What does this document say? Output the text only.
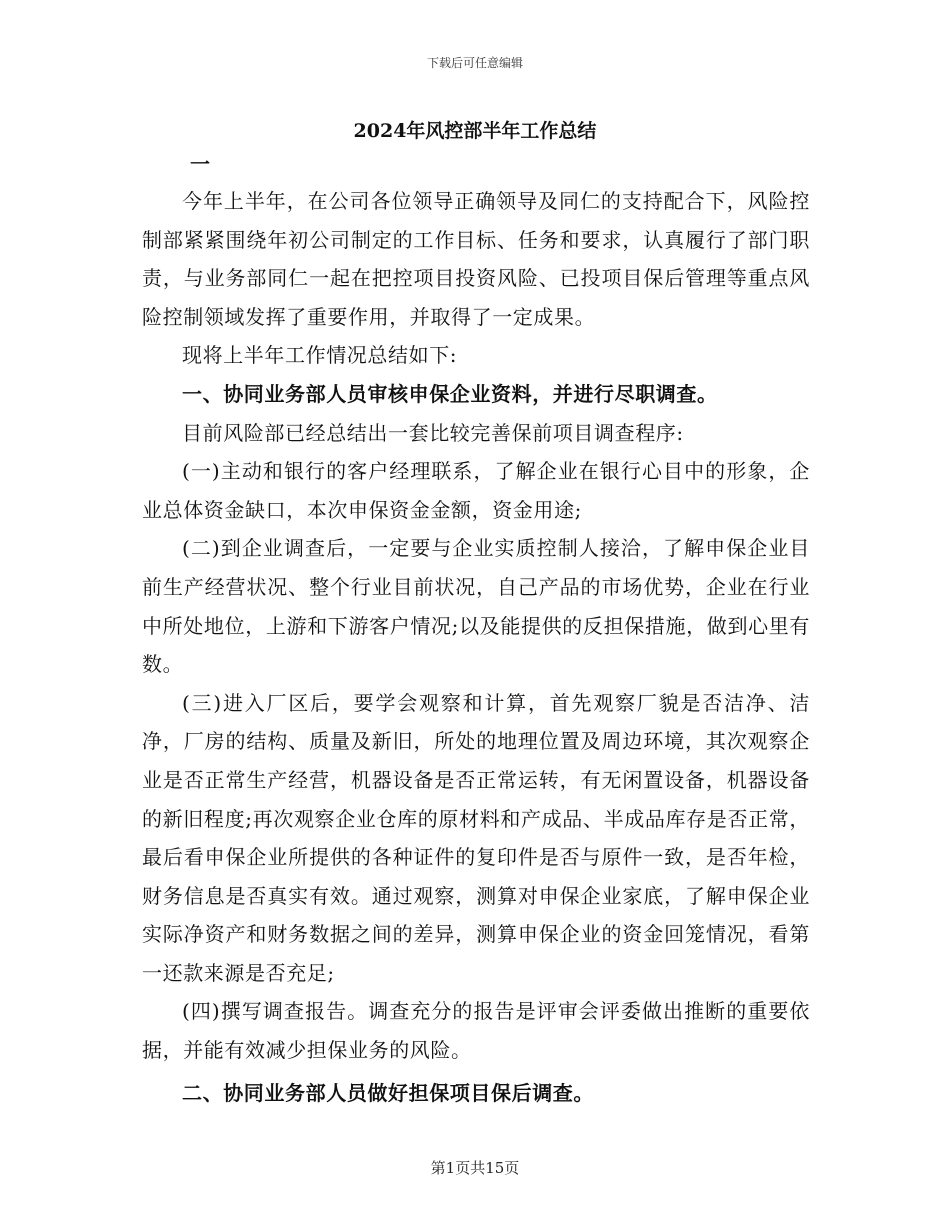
下载后可任意编辑
2024年风控部半年工作总结
一

今年上半年，在公司各位领导正确领导及同仁的支持配合下，风险控制部紧紧围绕年初公司制定的工作目标、任务和要求，认真履行了部门职责，与业务部同仁一起在把控项目投资风险、已投项目保后管理等重点风险控制领域发挥了重要作用，并取得了一定成果。

现将上半年工作情况总结如下:

一、协同业务部人员审核申保企业资料，并进行尽职调查。

目前风险部已经总结出一套比较完善保前项目调查程序:

(一)主动和银行的客户经理联系，了解企业在银行心目中的形象，企业总体资金缺口，本次申保资金金额，资金用途;

(二)到企业调查后，一定要与企业实质控制人接洽，了解申保企业目前生产经营状况、整个行业目前状况，自己产品的市场优势，企业在行业中所处地位，上游和下游客户情况;以及能提供的反担保措施，做到心里有数。

(三)进入厂区后，要学会观察和计算，首先观察厂貌是否洁净、洁净，厂房的结构、质量及新旧，所处的地理位置及周边环境，其次观察企业是否正常生产经营，机器设备是否正常运转，有无闲置设备，机器设备的新旧程度;再次观察企业仓库的原材料和产成品、半成品库存是否正常，最后看申保企业所提供的各种证件的复印件是否与原件一致，是否年检，财务信息是否真实有效。通过观察，测算对申保企业家底，了解申保企业实际净资产和财务数据之间的差异，测算申保企业的资金回笼情况，看第一还款来源是否充足;

(四)撰写调查报告。调查充分的报告是评审会评委做出推断的重要依据，并能有效减少担保业务的风险。

二、协同业务部人员做好担保项目保后调查。

第1页共15页
